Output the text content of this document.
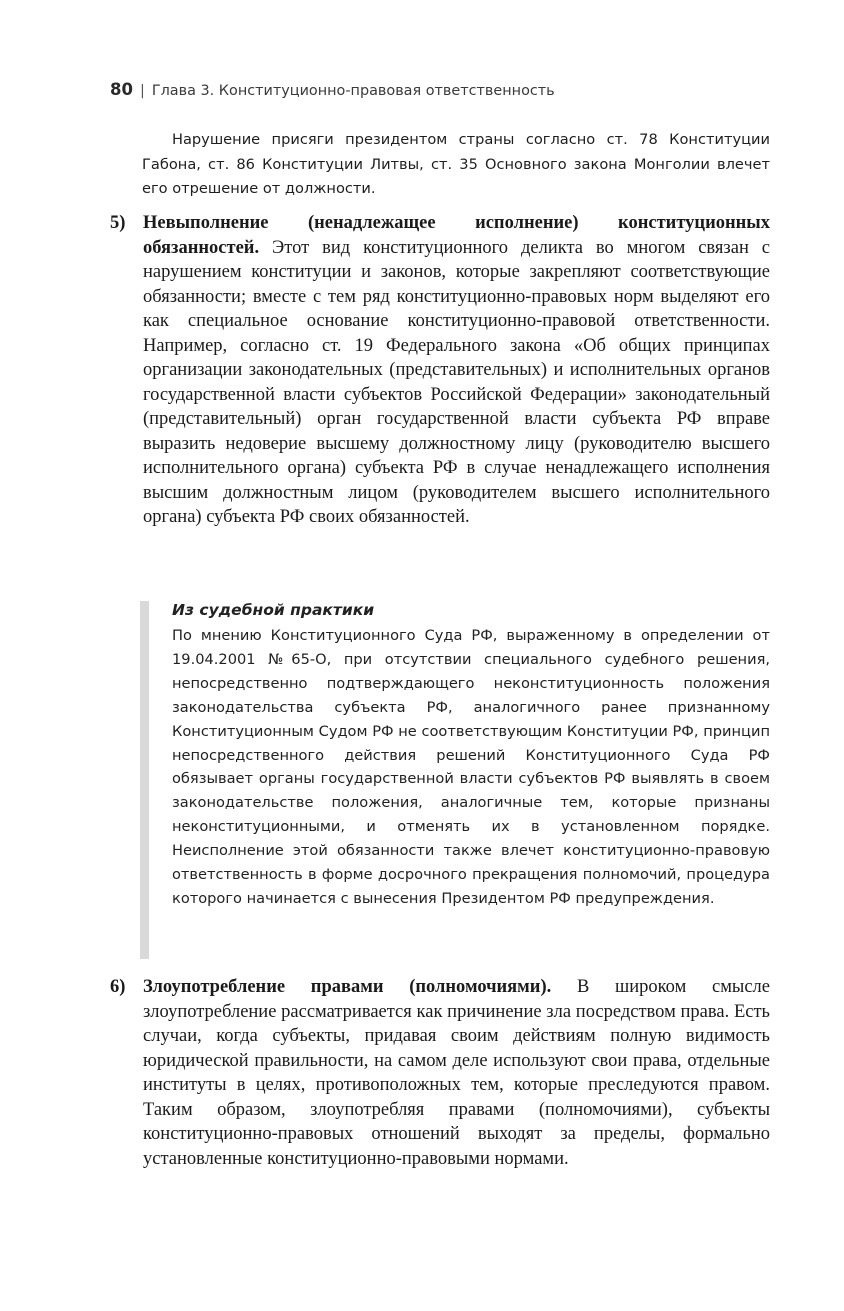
80 | Глава 3. Конституционно-правовая ответственность

Нарушение присяги президентом страны согласно ст. 78 Конституции Габона, ст. 86 Конституции Литвы, ст. 35 Основного закона Монголии влечет его отрешение от должности.

5) Невыполнение (ненадлежащее исполнение) конституционных обязанностей. Этот вид конституционного деликта во многом связан с нарушением конституции и законов, которые закрепляют соответствующие обязанности; вместе с тем ряд конституционно-правовых норм выделяют его как специальное основание конституционно-правовой ответственности. Например, согласно ст. 19 Федерального закона «Об общих принципах организации законодательных (представительных) и исполнительных органов государственной власти субъектов Российской Федерации» законодательный (представительный) орган государственной власти субъекта РФ вправе выразить недоверие высшему должностному лицу (руководителю высшего исполнительного органа) субъекта РФ в случае ненадлежащего исполнения высшим должностным лицом (руководителем высшего исполнительного органа) субъекта РФ своих обязанностей.

Из судебной практики

По мнению Конституционного Суда РФ, выраженному в определении от 19.04.2001 №65-О, при отсутствии специального судебного решения, непосредственно подтверждающего неконституционность положения законодательства субъекта РФ, аналогичного ранее признанному Конституционным Судом РФ не соответствующим Конституции РФ, принцип непосредственного действия решений Конституционного Суда РФ обязывает органы государственной власти субъектов РФ выявлять в своем законодательстве положения, аналогичные тем, которые признаны неконституционными, и отменять их в установленном порядке. Неисполнение этой обязанности также влечет конституционно-правовую ответственность в форме досрочного прекращения полномочий, процедура которого начинается с вынесения Президентом РФ предупреждения.

6) Злоупотребление правами (полномочиями). В широком смысле злоупотребление рассматривается как причинение зла посредством права. Есть случаи, когда субъекты, придавая своим действиям полную видимость юридической правильности, на самом деле используют свои права, отдельные институты в целях, противоположных тем, которые преследуются правом. Таким образом, злоупотребляя правами (полномочиями), субъекты конституционно-правовых отношений выходят за пределы, формально установленные конституционно-правовыми нормами.
